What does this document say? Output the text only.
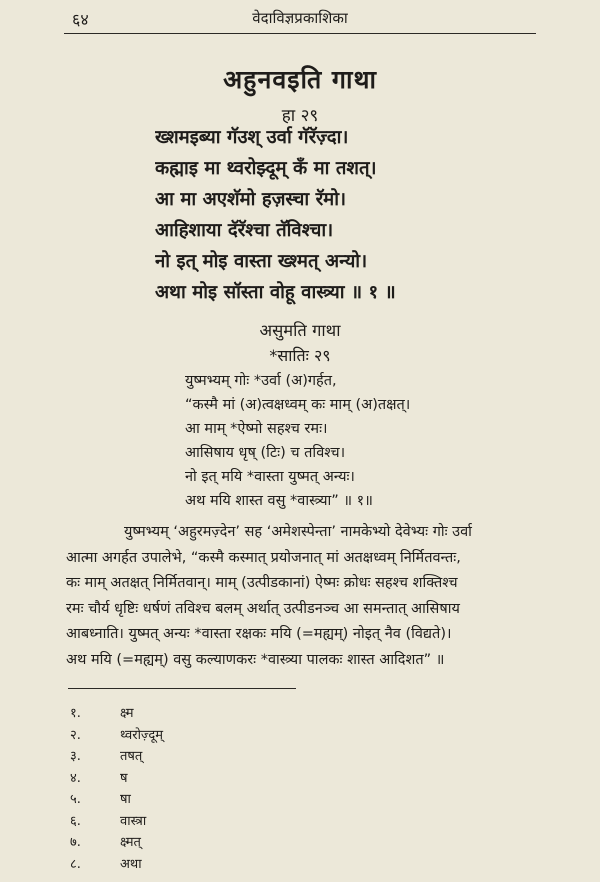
६४	वेदाविज्ञप्रकाशिका
अहुनवइति गाथा
हा २९
ख्शमइब्या गॅउश् उर्वा गॅरॅज़्दा।
कह्माइ मा थ्वरोझ्दूम् कॅं मा तशत्।
आ मा अएशॅमो हज़स्चा रॅमो।
आहिशाया दॅरॅश्चा तॅविश्चा।
नो इत् मोइ वास्ता ख्श्मत् अन्यो।
अथा मोइ सॉस्ता वोहू वास्त्र्या ॥ १ ॥
असुमति गाथा
*सातिः २९
युष्मभ्यम् गोः *उर्वा (अ)गर्हत,
“कस्मै मां (अ)त्वक्षध्वम् कः माम् (अ)तक्षत्।
आ माम् *ऐष्मो सहश्च रमः।
आसिषाय धृष् (टिः) च तविश्च।
नो इत् मयि *वास्ता युष्मत् अन्यः।
अथ मयि शास्त वसु *वास्त्र्या” ॥ १॥
युष्मभ्यम् ‘अहुरमज़्देन’ सह ‘अमेशस्पेन्ता’ नामकेभ्यो देवेभ्यः गोः उर्वा
आत्मा अगर्हत उपालेभे, “कस्मै कस्मात् प्रयोजनात् मां अतक्षध्वम् निर्मितवन्तः,
कः माम् अतक्षत् निर्मितवान्। माम् (उत्पीडकानां) ऐष्मः क्रोधः सहश्च शक्तिश्च
रमः चौर्य धृष्टिः धर्षणं तविश्च बलम् अर्थात् उत्पीडनञ्च आ समन्तात् आसिषाय
आबध्नाति। युष्मत् अन्यः *वास्ता रक्षकः मयि (=मह्यम्) नोइत् नैव (विद्यते)।
अथ मयि (=मह्यम्) वसु कल्याणकरः *वास्त्र्या पालकः शास्त आदिशत” ॥
१.	क्ष्म
२.	थ्वरोज़्दूम्
३.	तषत्
४.	ष
५.	षा
६.	वास्त्रा
७.	क्ष्मत्
८.	अथा
